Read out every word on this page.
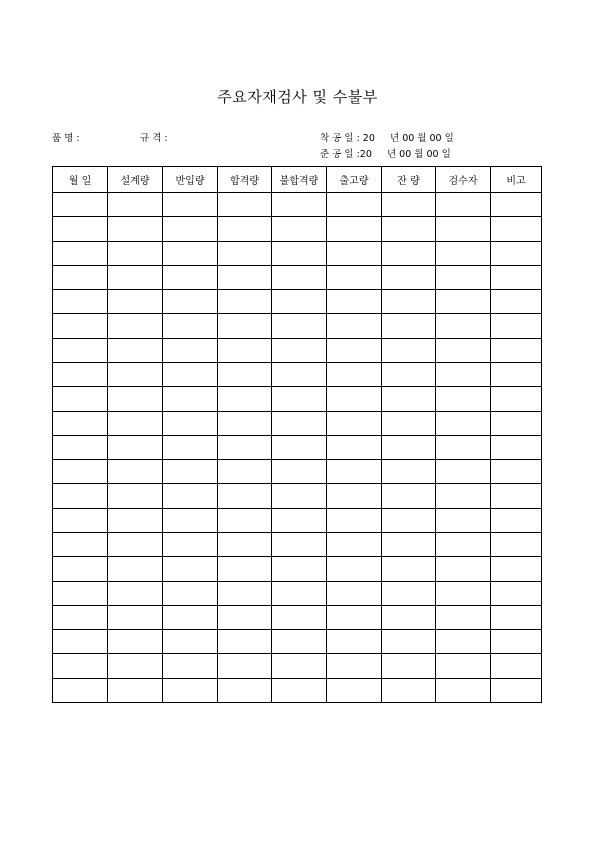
주요자재검사 및 수불부
품 명 :	규 격 :	착 공 일 : 20     년 00 월 00 일
준 공 일 :20     년 00 월 00 일
월 일	설계량	반입량	합격량	불합격량	출고량	잔 량	검수자	비고
